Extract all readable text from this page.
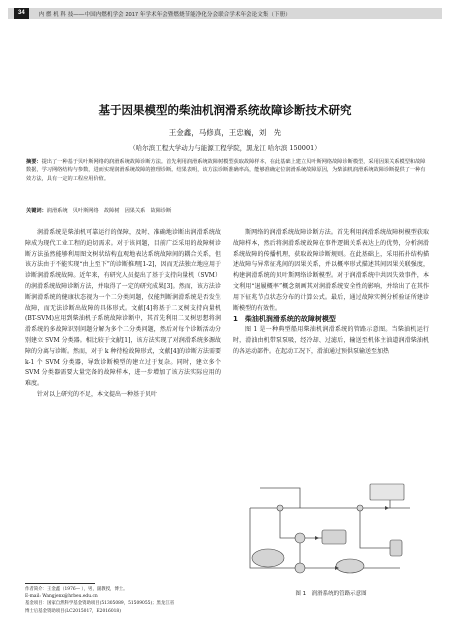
34	内 燃 机 科 技——中国内燃机学会 2017 年学术年会暨燃烧节能净化分会联合学术年会论文集（下册）
基于因果模型的柴油机润滑系统故障诊断技术研究
王金鑫，马修真，王忠巍，刘　先
（哈尔滨工程大学动力与能源工程学院，黑龙江 哈尔滨 150001）
摘要：提出了一种基于贝叶斯网络的润滑系统故障诊断方法。首先利用润滑系统故障树模型获取故障样本，在此基础上建立贝叶斯网络故障诊断模型，采用因果关系模型和故障数据，学习网络结构与参数，进而实现润滑系统故障的推理诊断。结果表明，该方法诊断准确率高，能够准确定位润滑系统故障原因，为柴油机润滑系统故障诊断提供了一种有效方法，具有一定的工程应用价值。
关键词：润滑系统　贝叶斯网络　故障树　因果关系　故障诊断

润滑系统是柴油机可靠运行的保障，及时、准确地诊断出润滑系统故障成为现代工业工程的迫切需求。对于该问题，目前广泛采用的故障树诊断方法虽然能够利用图文树状结构直观地表达系统故障间的耦合关系，但该方法由于不能实现“由上至下”的诊断推理[1-2]，因而无法独立地应用于诊断润滑系统故障。近年来，有研究人员提出了基于支持向量机（SVM）的润滑系统故障诊断方法，并取得了一定的研究成果[3]。然而，该方法诊断润滑系统的健康状态视为一个二分类问题，仅能判断润滑系统是否发生故障，而无法诊断出故障的具体形式。文献[4]将基于二叉树支持向量机(BT-SVM)应用到柴油机子系统故障诊断中，其首先利用二叉树思想将润滑系统的多故障识别问题分解为多个二分类问题，然后对每个诊断活动分别建立 SVM 分类器。相比较于文献[1]，该方法实现了对润滑系统多源故障的分离与诊断。然而，对于 k 种待检故障形式，文献[4]的诊断方法需要 k-1 个 SVM 分类器，导致诊断模型的建立过于复杂。同时，建立多个 SVM 分类器需要大量完备的故障样本，进一步增加了该方法实际应用的难度。

针对以上研究的不足，本文提出一种基于贝叶

斯网络的润滑系统故障诊断方法。首先利用润滑系统故障树模型获取故障样本，然后将润滑系统故障在事件逻辑关系表达上的优势，分析润滑系统故障的传播机理，获取故障诊断规则。在此基础上，采用拓扑结构描述故障与异常征兆间的因果关系，并以概率形式描述其间因果关联强度，构建润滑系统的贝叶斯网络诊断模型。对于润滑系统中共因失效事件，本文利用“退履概率”概念刻画其对润滑系统安全性的影响，并给出了在其作用下征兆节点状态分布的计算公式。最后，通过故障实例分析验证所建诊断模型的有效性。

1　柴油机润滑系统的故障树模型

图 1 是一种典型船用柴油机润滑系统的管路示意图。当柴油机运行时，滑油由机带泵泵吸，经冷却、过滤后，输送至机体主油道润滑柴油机的各运动部件。在起动工况下，滑油通过预供泵输送至加热

作者简介：王金鑫（1976— ），男，副教授，博士。
E-mail: Wangjenx@hrbeu.edu.cn
基金项目：国家自然科学基金资助项目(51305089，51509055)；黑龙江省
博士后基金资助项目(LC2015017，E2016018)
图 1　润滑系统的管路示意图
